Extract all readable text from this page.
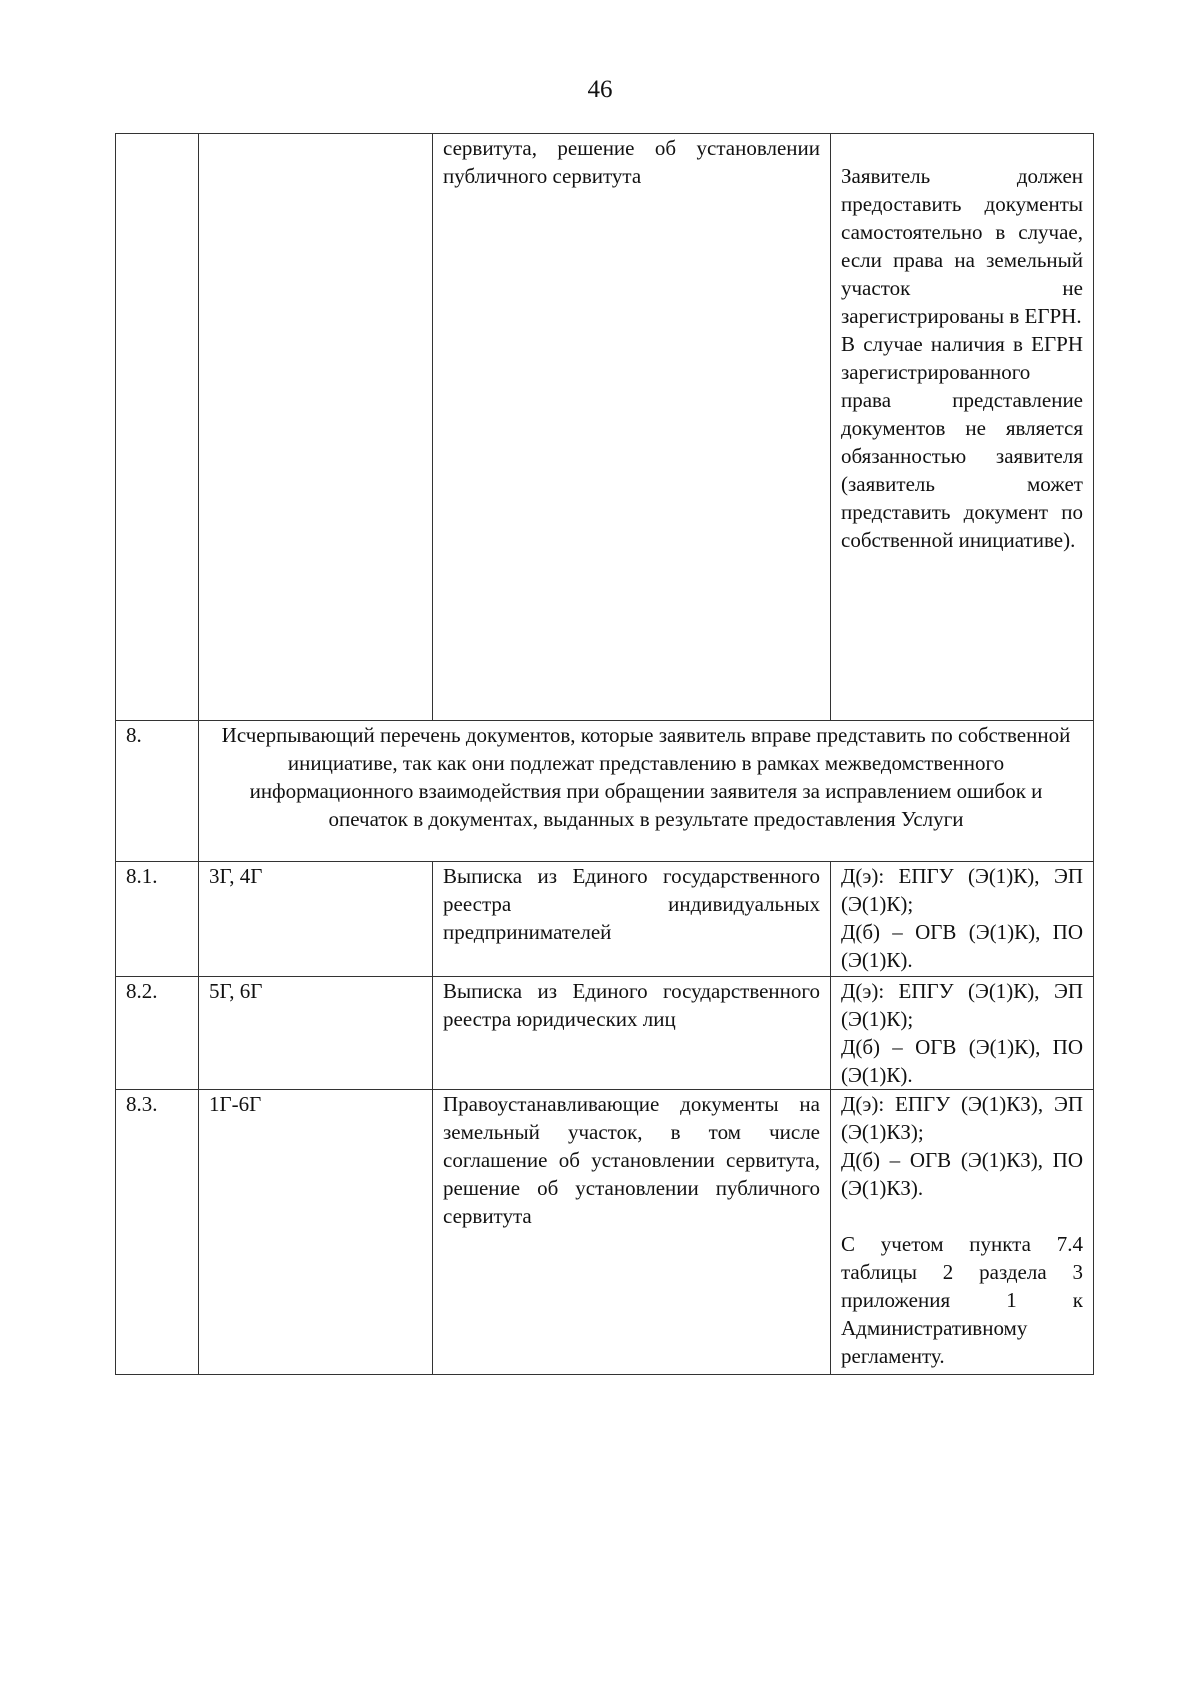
46
		сервитута, решение об установлении публичного сервитута	Заявитель должен предоставить документы самостоятельно в случае, если права на земельный участок не зарегистрированы в ЕГРН.
В случае наличия в ЕГРН зарегистрированного права представление документов не является обязанностью заявителя (заявитель может представить документ по собственной инициативе).

8.	Исчерпывающий перечень документов, которые заявитель вправе представить по собственной инициативе, так как они подлежат представлению в рамках межведомственного информационного взаимодействия при обращении заявителя за исправлением ошибок и опечаток в документах, выданных в результате предоставления Услуги		
8.1.	3Г, 4Г	Выписка из Единого государственного реестра индивидуальных предпринимателей	Д(э): ЕПГУ (Э(1)К), ЭП (Э(1)К);
Д(б) – ОГВ (Э(1)К), ПО (Э(1)К).

8.2.	5Г, 6Г	Выписка из Единого государственного реестра юридических лиц	Д(э): ЕПГУ (Э(1)К), ЭП (Э(1)К);
Д(б) – ОГВ (Э(1)К), ПО (Э(1)К).

8.3.	1Г-6Г	Правоустанавливающие документы на земельный участок, в том числе соглашение об установлении сервитута, решение об установлении публичного сервитута	Д(э): ЕПГУ (Э(1)КЗ), ЭП (Э(1)КЗ);
Д(б) – ОГВ (Э(1)КЗ), ПО (Э(1)КЗ).
С учетом пункта 7.4 таблицы 2 раздела 3 приложения 1 к Административному регламенту.
